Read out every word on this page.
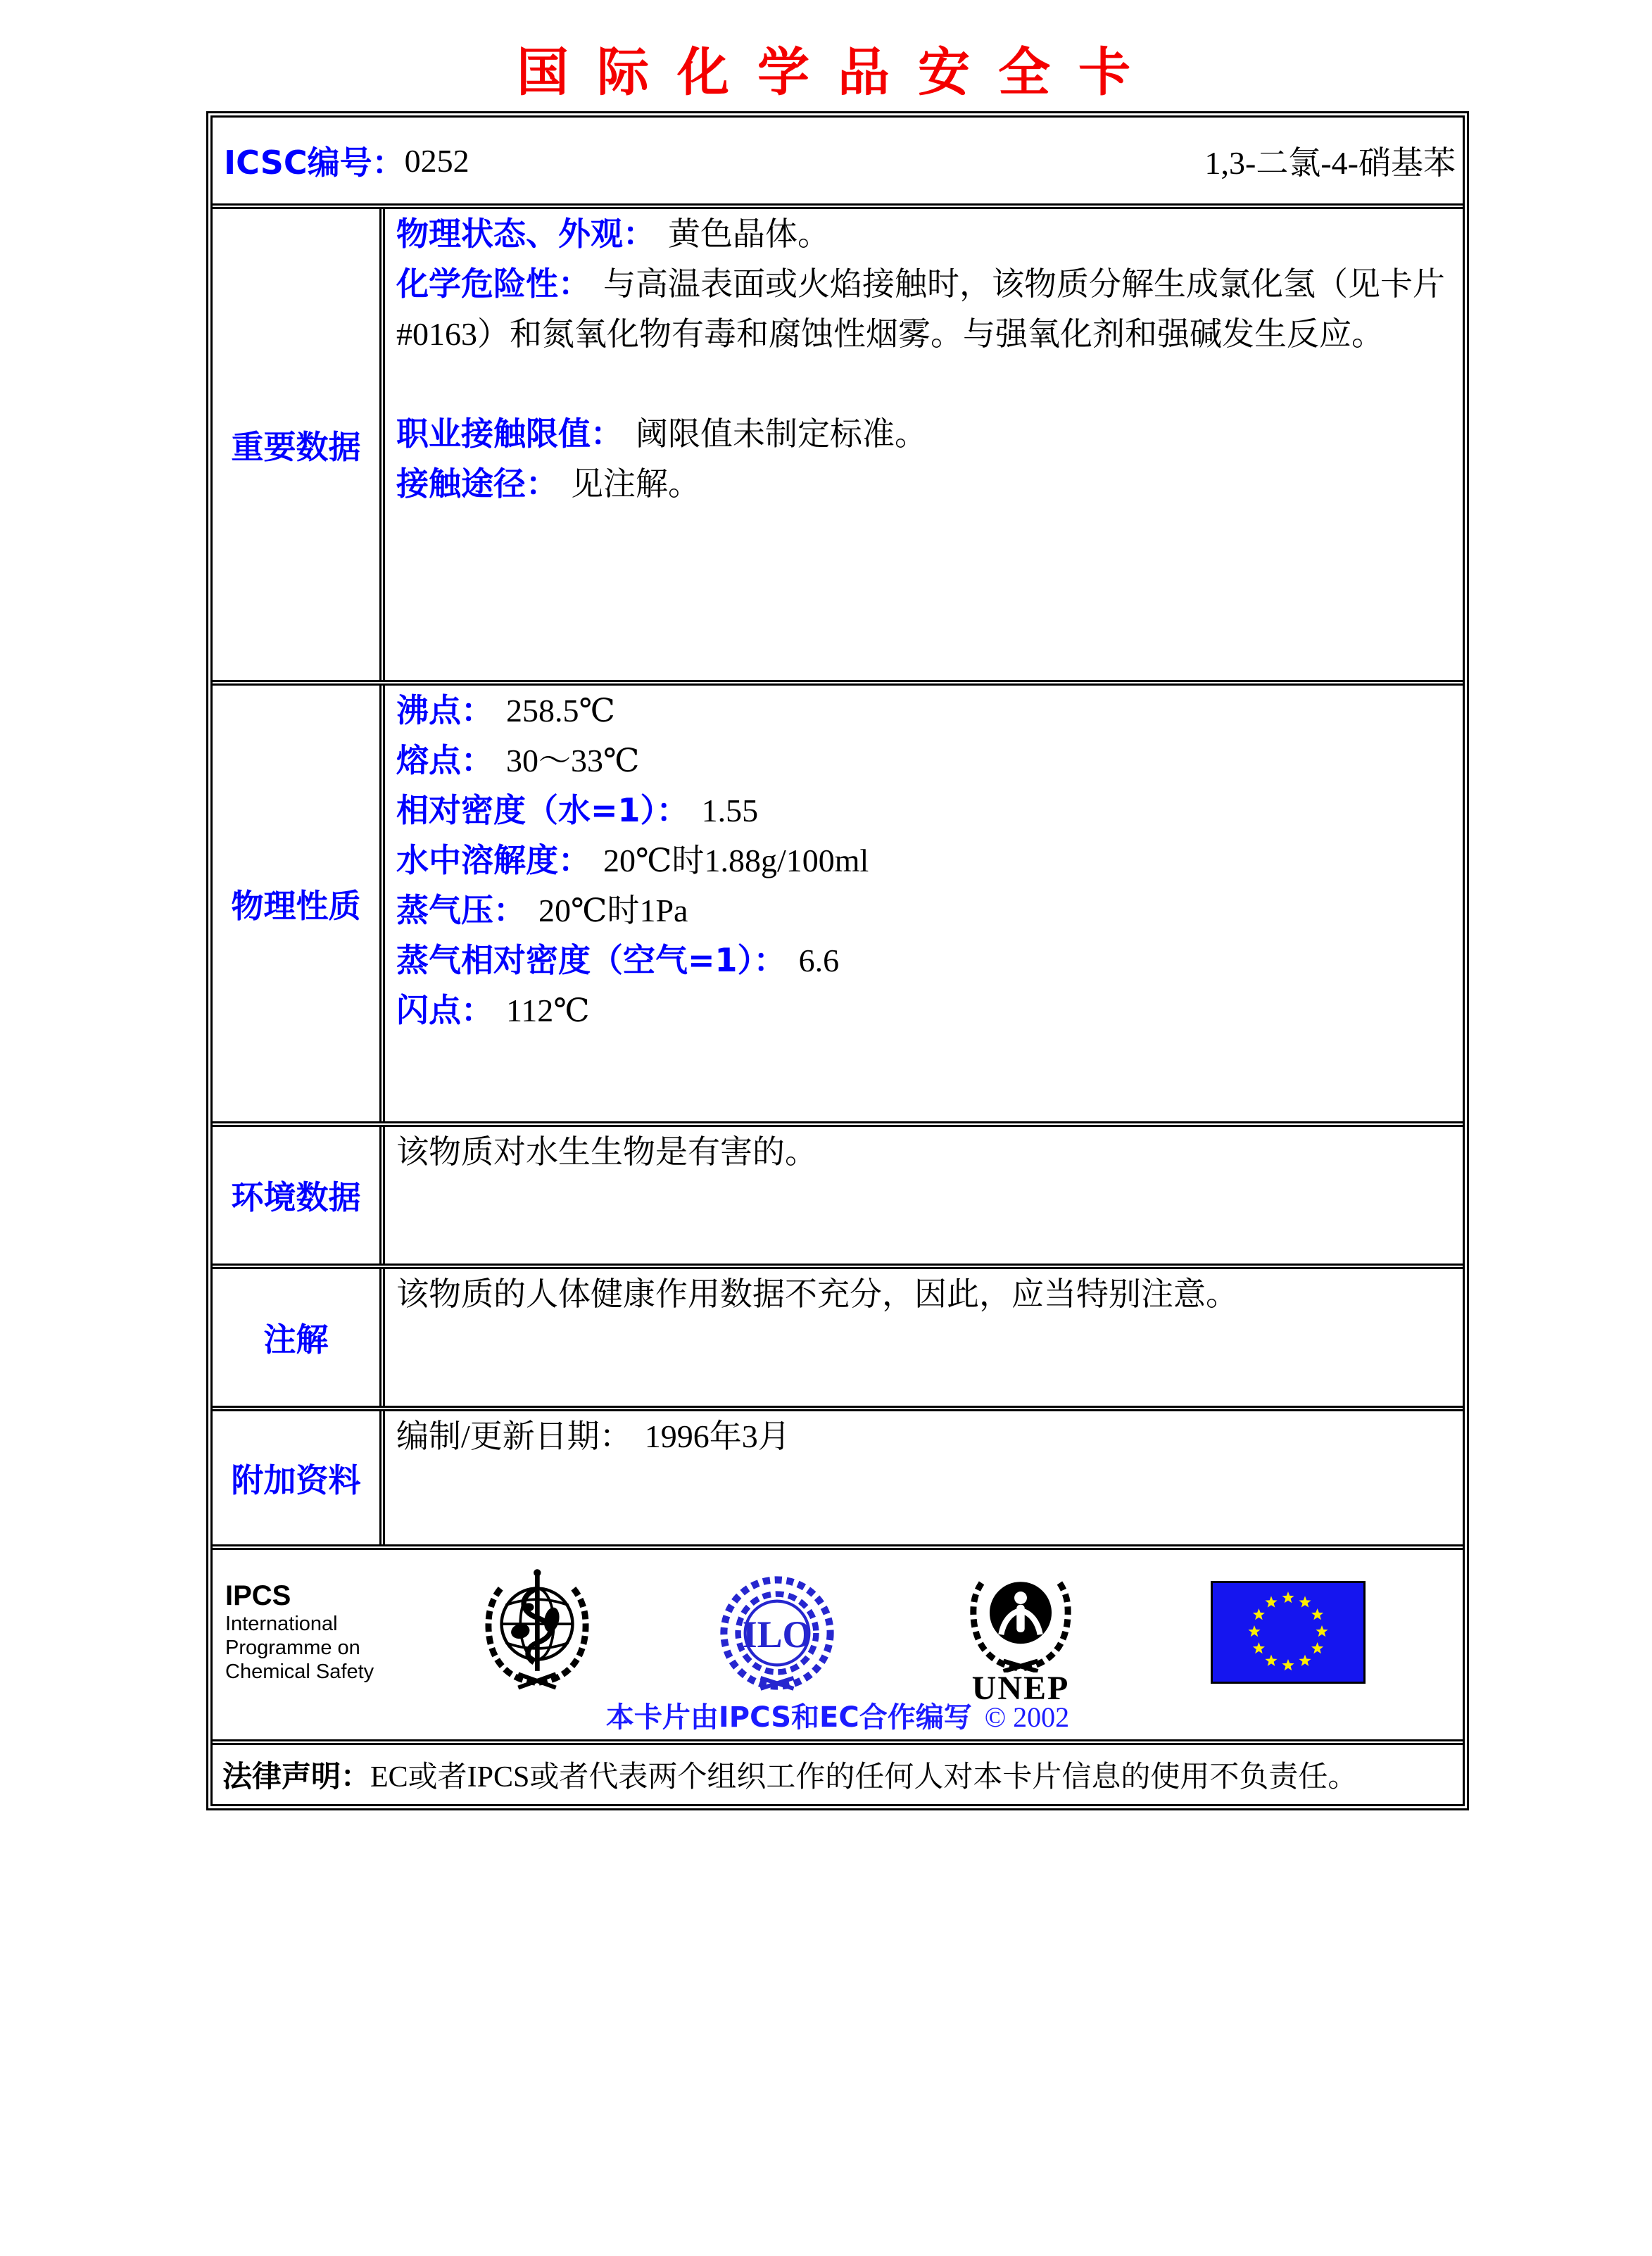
国际化学品安全卡
ICSC编号： 0252	1,3-二氯-4-硝基苯
重要数据

物理状态、外观： 黄色晶体。

化学危险性： 与高温表面或火焰接触时，该物质分解生成氯化氢（见卡片#0163）和氮氧化物有毒和腐蚀性烟雾。与强氧化剂和强碱发生反应。

职业接触限值： 阈限值未制定标准。

接触途径： 见注解。

物理性质

沸点： 258.5℃

熔点： 30～33℃

相对密度（水=1）： 1.55

水中溶解度： 20℃时1.88g/100ml

蒸气压： 20℃时1Pa

蒸气相对密度（空气=1）： 6.6

闪点： 112℃

环境数据

该物质对水生生物是有害的。

注解

该物质的人体健康作用数据不充分，因此，应当特别注意。

附加资料

编制/更新日期： 1996年3月

IPCS
International
Programme on
Chemical Safety
ILO
UNEP
本卡片由IPCS和EC合作编写 © 2002
法律声明： EC或者IPCS或者代表两个组织工作的任何人对本卡片信息的使用不负责任。
